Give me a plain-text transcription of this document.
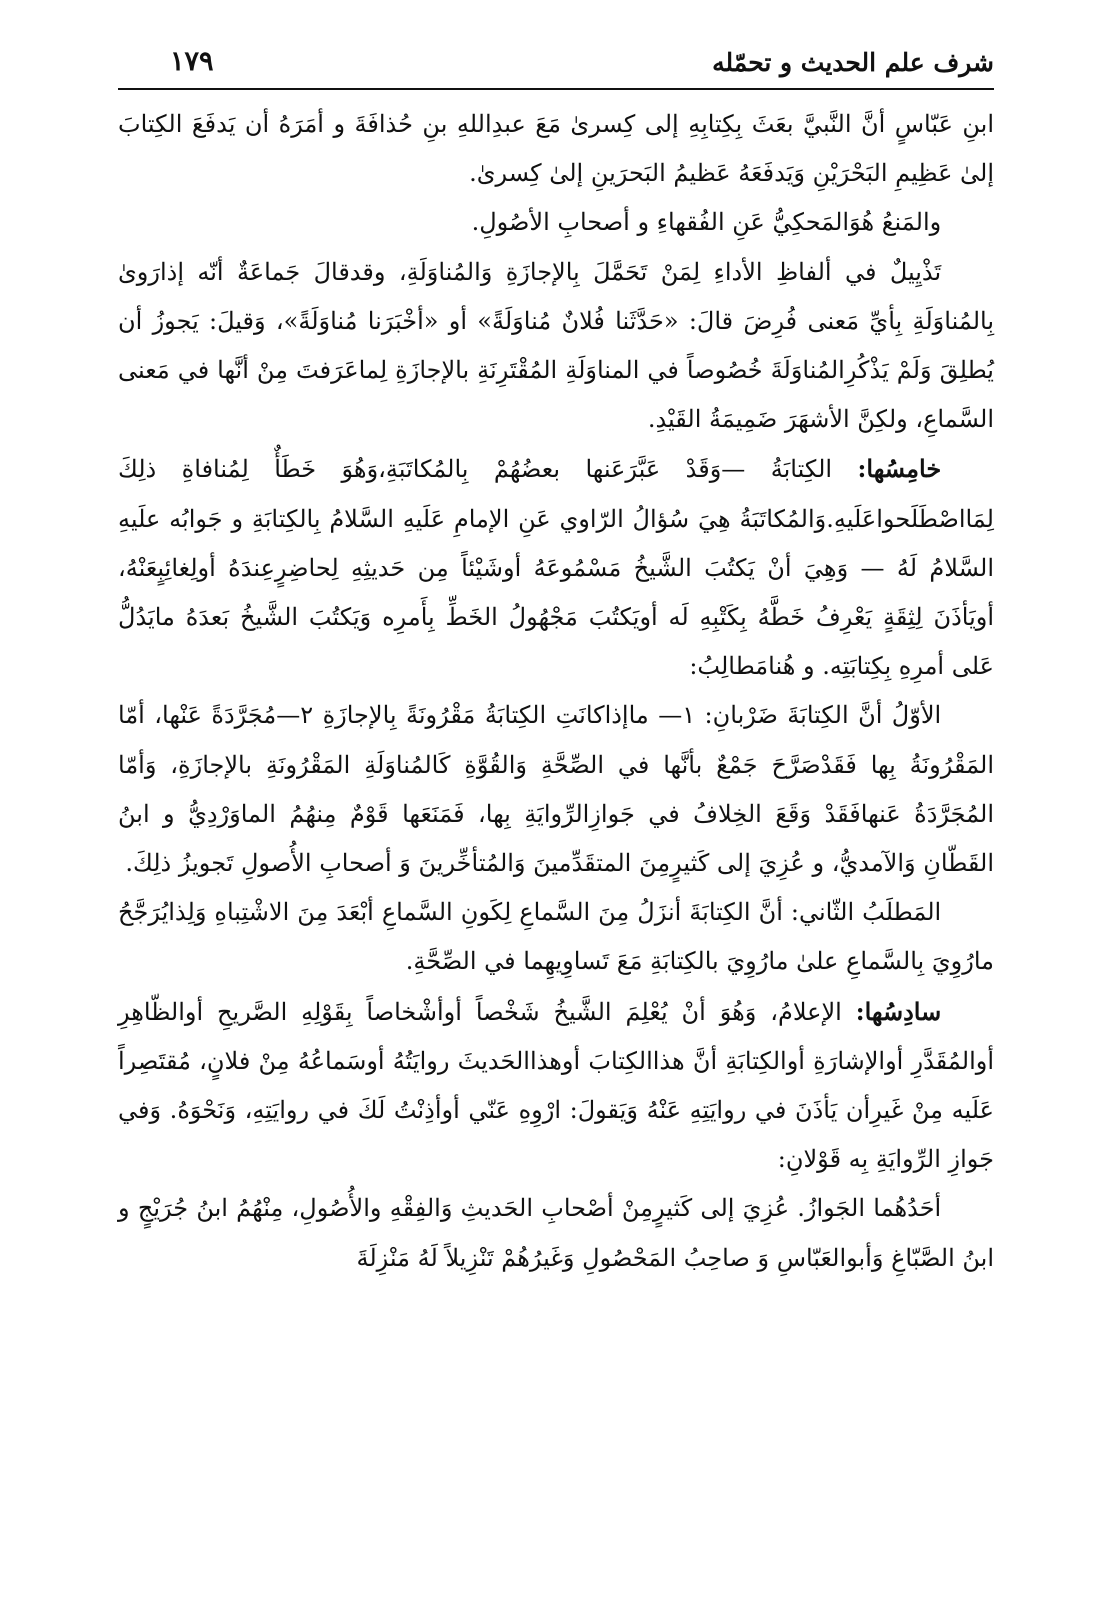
شرف علم الحديث و تحمّله
١٧٩

ابنِ عَبّاسٍ أنَّ النَّبيَّ بعَثَ بِكِتابِهِ إلى كِسرىٰ مَعَ عبدِاللهِ بنِ حُذافَةَ و أمَرَهُ أن يَدفَعَ الكِتابَ إلىٰ عَظِيمِ البَحْرَيْنِ وَيَدفَعَهُ عَظيمُ البَحرَينِ إلىٰ كِسرىٰ.

والمَنعُ هُوَالمَحكِيُّ عَنِ الفُقهاءِ و أصحابِ الأصُولِ.

تَذْيِيلٌ في ألفاظِ الأداءِ لِمَنْ تَحَمَّلَ بِالإجازَةِ وَالمُناوَلَةِ، وقدقالَ جَماعَةٌ أنّه إذارَوىٰ بِالمُناوَلَةِ بِأيِّ مَعنى فُرِضَ قالَ: «حَدَّثَنا فُلانٌ مُناوَلَةً» أو «أخْبَرَنا مُناوَلَةً»، وَقيلَ: يَجوزُ أن يُطلِقَ وَلَمْ يَذْكُرِالمُناوَلَةَ خُصُوصاً في المناوَلَةِ المُقْتَرِنَةِ بالإجازَةِ لِماعَرَفتَ مِنْ أنَّها في مَعنى السَّماعِ، ولكِنَّ الأشهَرَ ضَمِيمَةُ القَيْدِ.

خامِسُها: الكِتابَةُ —وَقَدْ عَبَّرَعَنها بعضُهُمْ بِالمُكاتَبَةِ،وَهُوَ خَطَأٌ لِمُنافاةِ ذلِكَ لِمَااصْطَلَحواعَلَيهِ.وَالمُكاتَبَةُ هِيَ سُؤالُ الرّاوي عَنِ الإمامِ عَلَيهِ السَّلامُ بِالكِتابَةِ و جَوابُه علَيهِ السَّلامُ لَهُ — وَهِيَ أنْ يَكتُبَ الشَّيخُ مَسْمُوعَهُ أوشَيْئاً مِن حَديثِهِ لِحاضِرٍعِندَهُ أولِغائِبٍعَنْهُ، أويَأذَنَ لِثِقَةٍ يَعْرِفُ خَطَّهُ بِكَتْبِهِ لَه أويَكتُبَ مَجْهُولُ الخَطِّ بِأَمرِه وَيَكتُبَ الشَّيخُ بَعدَهُ مايَدُلُّ عَلى أمرِهِ بِكِتابَتِه. و هُنامَطالِبُ:

الأوّلُ أنَّ الكِتابَةَ ضَرْبانِ: ١— ماإذاكانَتِ الكِتابَةُ مَقْرُونَةً بِالإجازَةِ ٢—مُجَرَّدَةً عَنْها، أمّا المَقْرُونَةُ بِها فَقَدْصَرَّحَ جَمْعٌ بأنَّها في الصِّحَّةِ وَالقُوَّةِ كَالمُناوَلَةِ المَقْرُونَةِ بالإجازَةِ، وَأمّا المُجَرَّدَةُ عَنهافَقَدْ وَقَعَ الخِلافُ في جَوازِالرِّوايَةِ بِها، فَمَنَعَها قَوْمٌ مِنهُمُ الماوَرْدِيُّ و ابنُ القَطّانِ وَالآمديُّ، و عُزِيَ إلى كَثيرٍمِنَ المتقَدِّمينَ وَالمُتأخِّرينَ وَ أصحابِ الأُصولِ تَجويزُ ذلِكَ.

المَطلَبُ الثّاني: أنَّ الكِتابَةَ أنزَلُ مِنَ السَّماعِ لِكَونِ السَّماعِ أبْعَدَ مِنَ الاشْتِباهِ وَلِذايُرَجَّحُ مارُوِيَ بِالسَّماعِ علىٰ مارُوِيَ بالكِتابَةِ مَعَ تَساوِيهِما في الصِّحَّةِ.

سادِسُها: الإعلامُ، وَهُوَ أنْ يُعْلِمَ الشَّيخُ شَخْصاً أوأشْخاصاً بِقَوْلِهِ الصَّريحِ أوالظّاهِرِ أوالمُقَدَّرِ أوالإشارَةِ أوالكِتابَةِ أنَّ هذاالكِتابَ أوهذاالحَديثَ روايَتُهُ أوسَماعُهُ مِنْ فلانٍ، مُقتَصِراً عَلَيه مِنْ غَيرِأن يَأذَنَ في روايَتِهِ عَنْهُ وَيَقولَ: ارْوِهِ عَنّي أوأذِنْتُ لَكَ في روايَتِهِ، وَنَحْوَهُ. وَفي جَوازِ الرِّوايَةِ بِه قَوْلانِ:

أحَدُهُما الجَوازُ. عُزِيَ إلى كَثيرٍمِنْ أصْحابِ الحَديثِ وَالفِقْهِ والأُصُولِ، مِنْهُمُ ابنُ جُرَيْجٍ و ابنُ الصَّبّاغِ وَأبوالعَبّاسِ وَ صاحِبُ المَحْصُولِ وَغَيرُهُمْ تَنْزِيلاً لَهُ مَنْزِلَةَ
